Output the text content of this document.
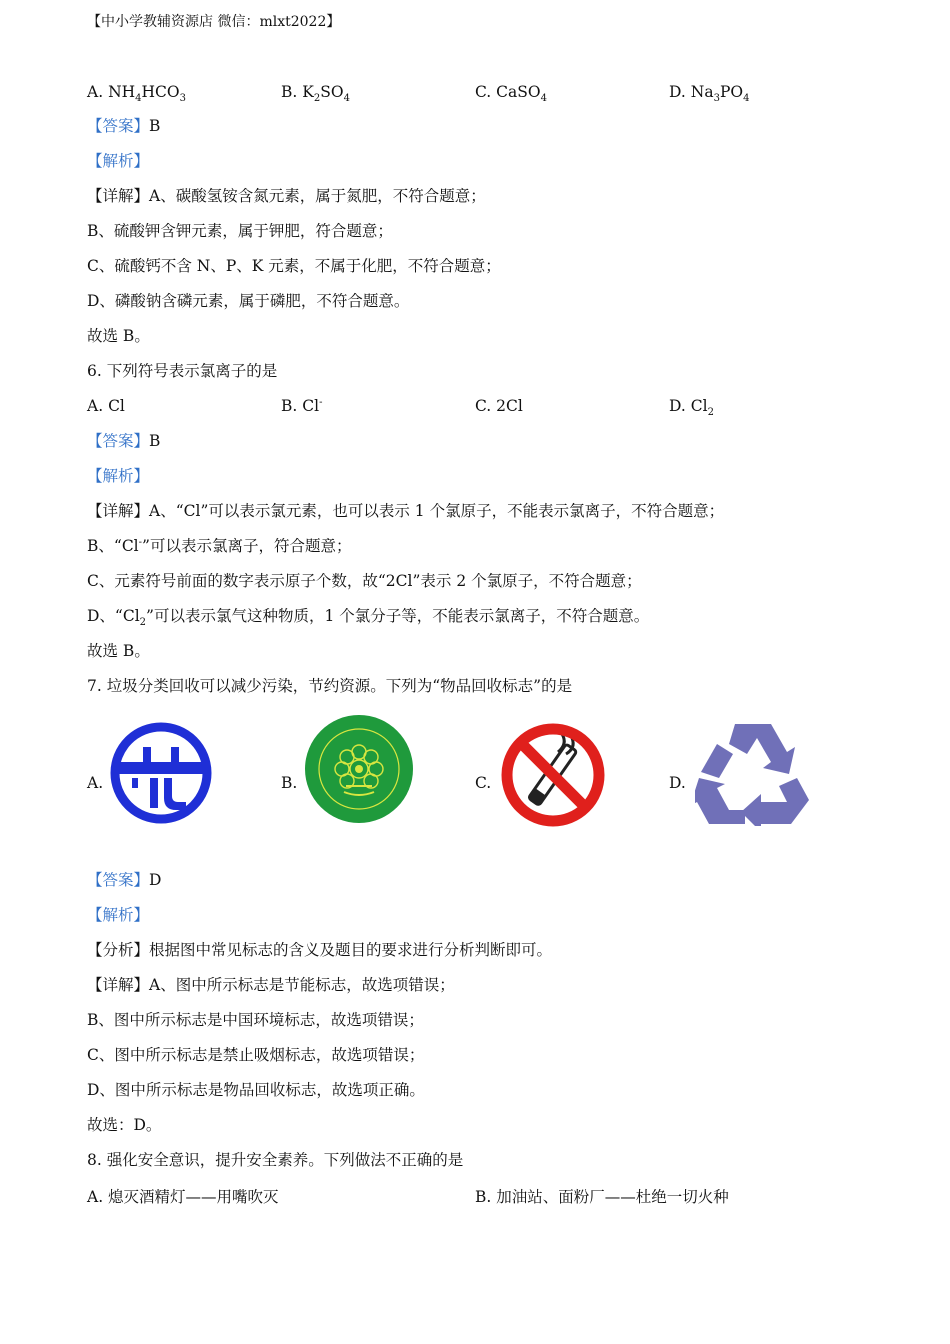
【中小学教辅资源店 微信：mlxt2022】
A. $NH_4HCO_3$	B. $K_2SO_4$	C. CaSO$_4$	D. $Na_3PO_4$
【答案】B
【解析】
【详解】A、碳酸氢铵含氮元素，属于氮肥，不符合题意；
B、硫酸钾含钾元素，属于钾肥，符合题意；
C、硫酸钙不含 N、P、K 元素，不属于化肥，不符合题意；
D、磷酸钠含磷元素，属于磷肥，不符合题意。
故选 B。
6. 下列符号表示氯离子的是
A. Cl	B. Cl-	C. 2Cl	D. $Cl_2$
【答案】B
【解析】
【详解】A、“Cl”可以表示氯元素，也可以表示 1 个氯原子，不能表示氯离子，不符合题意；
B、“Cl-”可以表示氯离子，符合题意；
C、元素符号前面的数字表示原子个数，故“2Cl”表示 2 个氯原子，不符合题意；
D、“$Cl_2$”可以表示氯气这种物质，1 个氯分子等，不能表示氯离子，不符合题意。
故选 B。
7. 垃圾分类回收可以减少污染，节约资源。下列为“物品回收标志”的是
A.	B.	C.	D.
【答案】D
【解析】
【分析】根据图中常见标志的含义及题目的要求进行分析判断即可。
【详解】A、图中所示标志是节能标志，故选项错误；
B、图中所示标志是中国环境标志，故选项错误；
C、图中所示标志是禁止吸烟标志，故选项错误；
D、图中所示标志是物品回收标志，故选项正确。
故选：D。
8. 强化安全意识，提升安全素养。下列做法不正确的是
A. 熄灭酒精灯——用嘴吹灭	B. 加油站、面粉厂——杜绝一切火种
